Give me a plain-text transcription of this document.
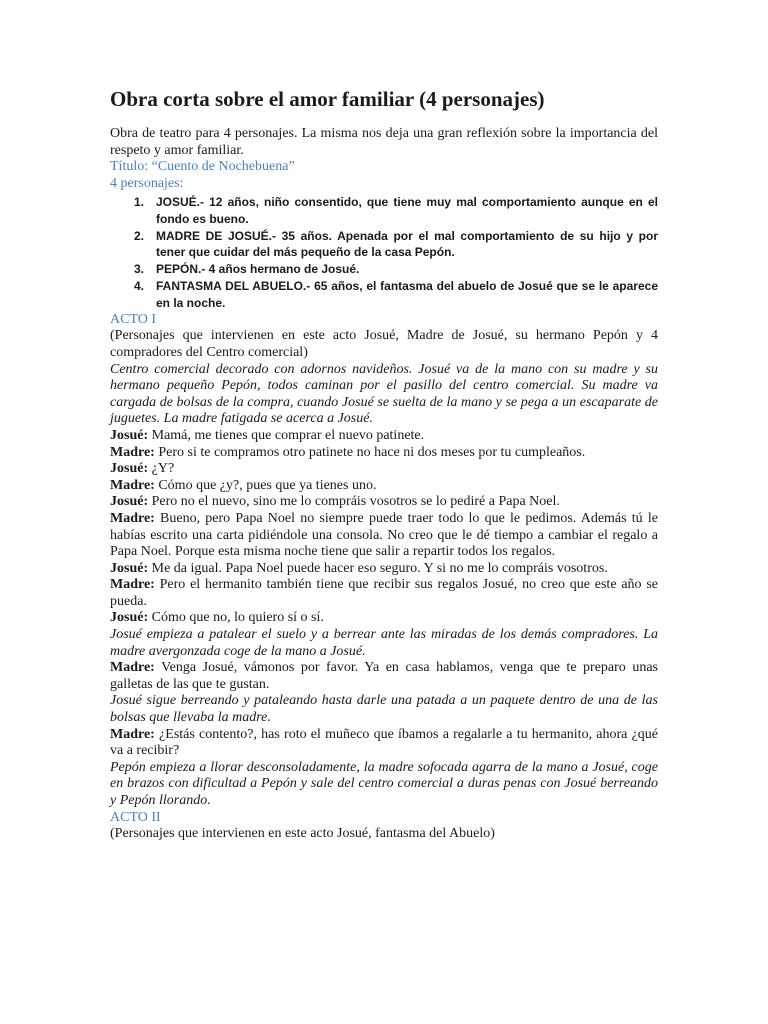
Obra corta sobre el amor familiar (4 personajes)

Obra de teatro para 4 personajes. La misma nos deja una gran reflexión sobre la importancia del respeto y amor familiar.

Título: “Cuento de Nochebuena”

4 personajes:

1. JOSUÉ.- 12 años, niño consentido, que tiene muy mal comportamiento aunque en el fondo es bueno.
2. MADRE DE JOSUÉ.- 35 años. Apenada por el mal comportamiento de su hijo y por tener que cuidar del más pequeño de la casa Pepón.
3. PEPÓN.- 4 años hermano de Josué.
4. FANTASMA DEL ABUELO.- 65 años, el fantasma del abuelo de Josué que se le aparece en la noche.

ACTO I

(Personajes que intervienen en este acto Josué, Madre de Josué, su hermano Pepón y 4 compradores del Centro comercial)

Centro comercial decorado con adornos navideños. Josué va de la mano con su madre y su hermano pequeño Pepón, todos caminan por el pasillo del centro comercial. Su madre va cargada de bolsas de la compra, cuando Josué se suelta de la mano y se pega a un escaparate de juguetes. La madre fatigada se acerca a Josué.

Josué: Mamá, me tienes que comprar el nuevo patinete.

Madre: Pero si te compramos otro patinete no hace ni dos meses por tu cumpleaños.

Josué: ¿Y?

Madre: Cómo que ¿y?, pues que ya tienes uno.

Josué: Pero no el nuevo, sino me lo compráis vosotros se lo pediré a Papa Noel.

Madre: Bueno, pero Papa Noel no siempre puede traer todo lo que le pedimos. Además tú le habías escrito una carta pidiéndole una consola. No creo que le dé tiempo a cambiar el regalo a Papa Noel. Porque esta misma noche tiene que salir a repartir todos los regalos.

Josué: Me da igual. Papa Noel puede hacer eso seguro. Y si no me lo compráis vosotros.

Madre: Pero el hermanito también tiene que recibir sus regalos Josué, no creo que este año se pueda.

Josué: Cómo que no, lo quiero sí o sí.

Josué empieza a patalear el suelo y a berrear ante las miradas de los demás compradores. La madre avergonzada coge de la mano a Josué.

Madre: Venga Josué, vámonos por favor. Ya en casa hablamos, venga que te preparo unas galletas de las que te gustan.

Josué sigue berreando y pataleando hasta darle una patada a un paquete dentro de una de las bolsas que llevaba la madre.

Madre: ¿Estás contento?, has roto el muñeco que íbamos a regalarle a tu hermanito, ahora ¿qué va a recibir?

Pepón empieza a llorar desconsoladamente, la madre sofocada agarra de la mano a Josué, coge en brazos con dificultad a Pepón y sale del centro comercial a duras penas con Josué berreando y Pepón llorando.

ACTO II

(Personajes que intervienen en este acto Josué, fantasma del Abuelo)
